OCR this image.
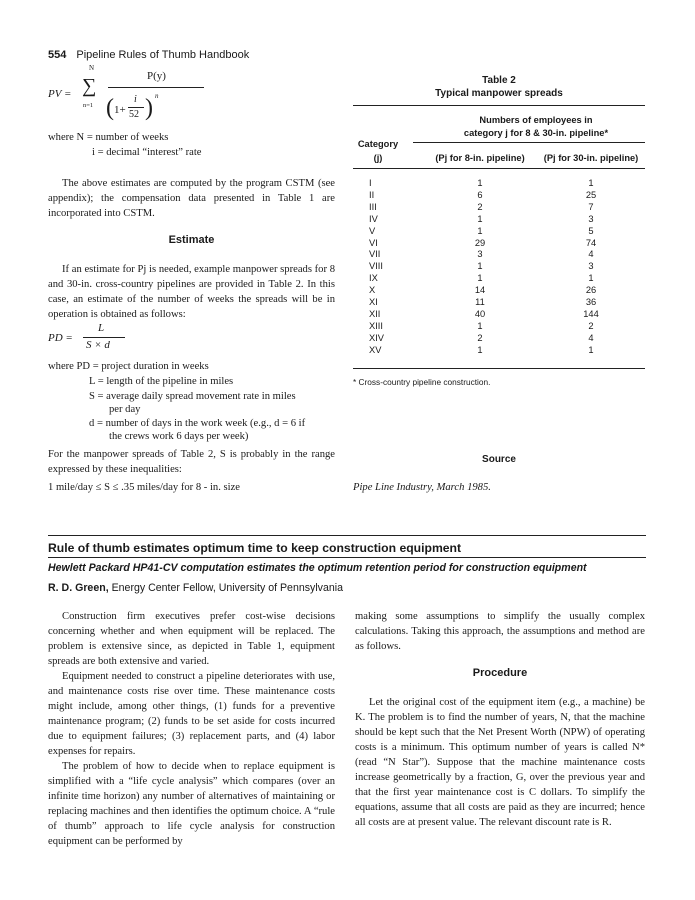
554 Pipeline Rules of Thumb Handbook
PV =
N
∑
n=1
P(y)
( 1+
i
52 ) n
where N = number of weeks
i = decimal “interest” rate

The above estimates are computed by the program CSTM (see appendix); the compensation data presented in Table 1 are incorporated into CSTM.

Estimate

If an estimate for Pj is needed, example manpower spreads for 8 and 30-in. cross-country pipelines are provided in Table 2. In this case, an estimate of the number of weeks the spreads will be in operation is obtained as follows:

PD =
L
S × d
where PD = project duration in weeks
L = length of the pipeline in miles
S = average daily spread movement rate in miles
per day
d = number of days in the work week (e.g., d = 6 if
the crews work 6 days per week)

For the manpower spreads of Table 2, S is probably in the range expressed by these inequalities:

1 mile/day ≤ S ≤ .35 miles/day for 8 - in. size
Table 2
Typical manpower spreads
Numbers of employees in
category j for 8 & 30-in. pipeline*
Category
(j)	(Pj for 8-in. pipeline)	(Pj for 30-in. pipeline)
I	1	1
II	6	25
III	2	7
IV	1	3
V	1	5
VI	29	74
VII	3	4
VIII	1	3
IX	1	1
X	14	26
XI	11	36
XII	40	144
XIII	1	2
XIV	2	4
XV	1	1
* Cross-country pipeline construction.
Source
Pipe Line Industry, March 1985.
Rule of thumb estimates optimum time to keep construction equipment
Hewlett Packard HP41-CV computation estimates the optimum retention period for construction equipment
R. D. Green, Energy Center Fellow, University of Pennsylvania

Construction firm executives prefer cost-wise decisions concerning whether and when equipment will be replaced. The problem is extensive since, as depicted in Table 1, equipment spreads are both extensive and varied.

Equipment needed to construct a pipeline deteriorates with use, and maintenance costs rise over time. These maintenance costs might include, among other things, (1) funds for a preventive maintenance program; (2) funds to be set aside for costs incurred due to equipment failures; (3) replacement parts, and (4) labor expenses for repairs.

The problem of how to decide when to replace equipment is simplified with a “life cycle analysis” which compares (over an infinite time horizon) any number of alternatives of maintaining or replacing machines and then identifies the optimum choice. A “rule of thumb” approach to life cycle analysis for construction equipment can be performed by

making some assumptions to simplify the usually complex calculations. Taking this approach, the assumptions and method are as follows.

Procedure

Let the original cost of the equipment item (e.g., a machine) be K. The problem is to find the number of years, N, that the machine should be kept such that the Net Present Worth (NPW) of operating costs is a minimum. This optimum number of years is called N* (read “N Star”). Suppose that the machine maintenance costs increase geometrically by a fraction, G, over the previous year and that the first year maintenance cost is C dollars. To simplify the equations, assume that all costs are paid as they are incurred; hence all costs are at present value. The relevant discount rate is R.
